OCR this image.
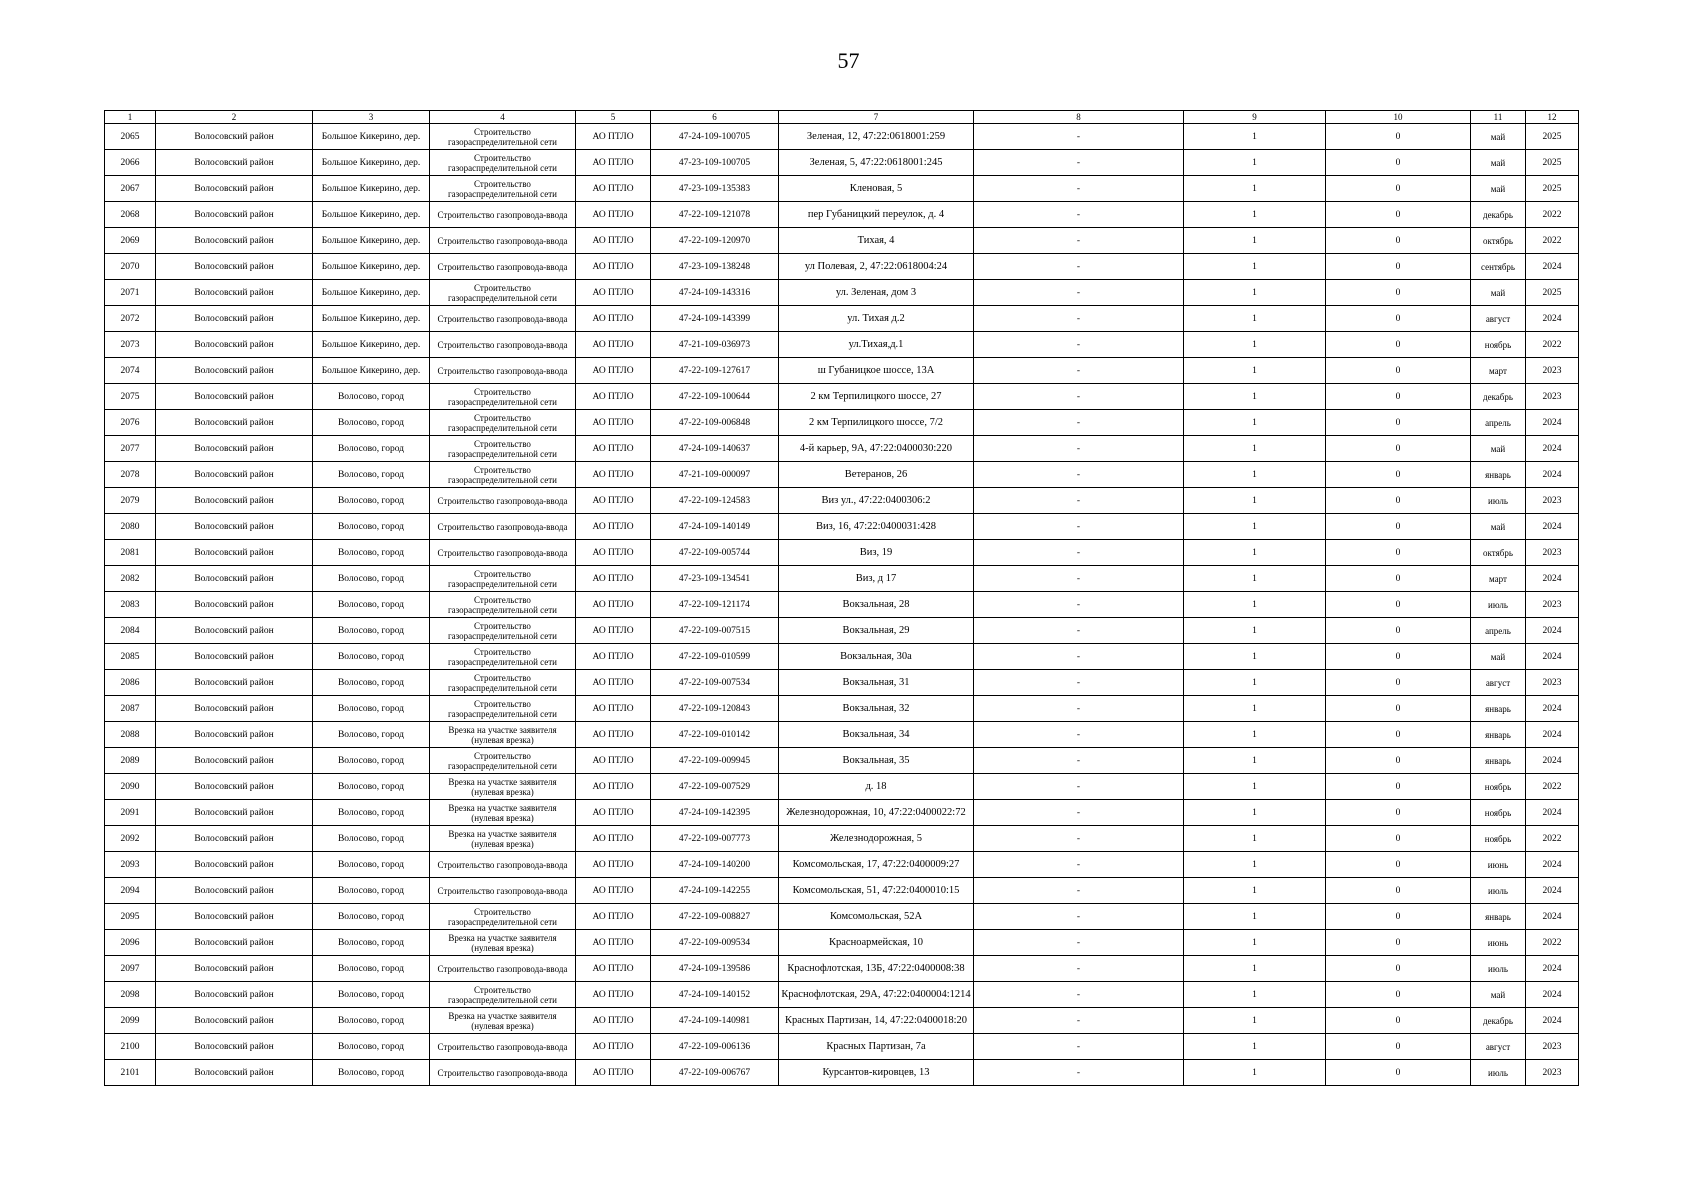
57
1	2	3	4	5	6	7	8	9	10	11	12
2065	Волосовский район	Большое Кикерино, дер.	Строительство газораспределительной сети	АО ПТЛО	47-24-109-100705	Зеленая, 12, 47:22:0618001:259	-	1	0	май	2025
2066	Волосовский район	Большое Кикерино, дер.	Строительство газораспределительной сети	АО ПТЛО	47-23-109-100705	Зеленая, 5, 47:22:0618001:245	-	1	0	май	2025
2067	Волосовский район	Большое Кикерино, дер.	Строительство газораспределительной сети	АО ПТЛО	47-23-109-135383	Кленовая, 5	-	1	0	май	2025
2068	Волосовский район	Большое Кикерино, дер.	Строительство газопровода-ввода	АО ПТЛО	47-22-109-121078	пер Губаницкий переулок, д. 4	-	1	0	декабрь	2022
2069	Волосовский район	Большое Кикерино, дер.	Строительство газопровода-ввода	АО ПТЛО	47-22-109-120970	Тихая, 4	-	1	0	октябрь	2022
2070	Волосовский район	Большое Кикерино, дер.	Строительство газопровода-ввода	АО ПТЛО	47-23-109-138248	ул Полевая, 2, 47:22:0618004:24	-	1	0	сентябрь	2024
2071	Волосовский район	Большое Кикерино, дер.	Строительство газораспределительной сети	АО ПТЛО	47-24-109-143316	ул. Зеленая, дом 3	-	1	0	май	2025
2072	Волосовский район	Большое Кикерино, дер.	Строительство газопровода-ввода	АО ПТЛО	47-24-109-143399	ул. Тихая д.2	-	1	0	август	2024
2073	Волосовский район	Большое Кикерино, дер.	Строительство газопровода-ввода	АО ПТЛО	47-21-109-036973	ул.Тихая,д.1	-	1	0	ноябрь	2022
2074	Волосовский район	Большое Кикерино, дер.	Строительство газопровода-ввода	АО ПТЛО	47-22-109-127617	ш Губаницкое шоссе, 13А	-	1	0	март	2023
2075	Волосовский район	Волосово, город	Строительство газораспределительной сети	АО ПТЛО	47-22-109-100644	2 км Терпилицкого шоссе, 27	-	1	0	декабрь	2023
2076	Волосовский район	Волосово, город	Строительство газораспределительной сети	АО ПТЛО	47-22-109-006848	2 км Терпилицкого шоссе, 7/2	-	1	0	апрель	2024
2077	Волосовский район	Волосово, город	Строительство газораспределительной сети	АО ПТЛО	47-24-109-140637	4-й карьер, 9А, 47:22:0400030:220	-	1	0	май	2024
2078	Волосовский район	Волосово, город	Строительство газораспределительной сети	АО ПТЛО	47-21-109-000097	Ветеранов, 26	-	1	0	январь	2024
2079	Волосовский район	Волосово, город	Строительство газопровода-ввода	АО ПТЛО	47-22-109-124583	Виз ул., 47:22:0400306:2	-	1	0	июль	2023
2080	Волосовский район	Волосово, город	Строительство газопровода-ввода	АО ПТЛО	47-24-109-140149	Виз, 16, 47:22:0400031:428	-	1	0	май	2024
2081	Волосовский район	Волосово, город	Строительство газопровода-ввода	АО ПТЛО	47-22-109-005744	Виз, 19	-	1	0	октябрь	2023
2082	Волосовский район	Волосово, город	Строительство газораспределительной сети	АО ПТЛО	47-23-109-134541	Виз, д 17	-	1	0	март	2024
2083	Волосовский район	Волосово, город	Строительство газораспределительной сети	АО ПТЛО	47-22-109-121174	Вокзальная, 28	-	1	0	июль	2023
2084	Волосовский район	Волосово, город	Строительство газораспределительной сети	АО ПТЛО	47-22-109-007515	Вокзальная, 29	-	1	0	апрель	2024
2085	Волосовский район	Волосово, город	Строительство газораспределительной сети	АО ПТЛО	47-22-109-010599	Вокзальная, 30а	-	1	0	май	2024
2086	Волосовский район	Волосово, город	Строительство газораспределительной сети	АО ПТЛО	47-22-109-007534	Вокзальная, 31	-	1	0	август	2023
2087	Волосовский район	Волосово, город	Строительство газораспределительной сети	АО ПТЛО	47-22-109-120843	Вокзальная, 32	-	1	0	январь	2024
2088	Волосовский район	Волосово, город	Врезка на участке заявителя (нулевая врезка)	АО ПТЛО	47-22-109-010142	Вокзальная, 34	-	1	0	январь	2024
2089	Волосовский район	Волосово, город	Строительство газораспределительной сети	АО ПТЛО	47-22-109-009945	Вокзальная, 35	-	1	0	январь	2024
2090	Волосовский район	Волосово, город	Врезка на участке заявителя (нулевая врезка)	АО ПТЛО	47-22-109-007529	д. 18	-	1	0	ноябрь	2022
2091	Волосовский район	Волосово, город	Врезка на участке заявителя (нулевая врезка)	АО ПТЛО	47-24-109-142395	Железнодорожная, 10, 47:22:0400022:72	-	1	0	ноябрь	2024
2092	Волосовский район	Волосово, город	Врезка на участке заявителя (нулевая врезка)	АО ПТЛО	47-22-109-007773	Железнодорожная, 5	-	1	0	ноябрь	2022
2093	Волосовский район	Волосово, город	Строительство газопровода-ввода	АО ПТЛО	47-24-109-140200	Комсомольская, 17, 47:22:0400009:27	-	1	0	июнь	2024
2094	Волосовский район	Волосово, город	Строительство газопровода-ввода	АО ПТЛО	47-24-109-142255	Комсомольская, 51, 47:22:0400010:15	-	1	0	июль	2024
2095	Волосовский район	Волосово, город	Строительство газораспределительной сети	АО ПТЛО	47-22-109-008827	Комсомольская, 52А	-	1	0	январь	2024
2096	Волосовский район	Волосово, город	Врезка на участке заявителя (нулевая врезка)	АО ПТЛО	47-22-109-009534	Красноармейская, 10	-	1	0	июнь	2022
2097	Волосовский район	Волосово, город	Строительство газопровода-ввода	АО ПТЛО	47-24-109-139586	Краснофлотская, 13Б, 47:22:0400008:38	-	1	0	июль	2024
2098	Волосовский район	Волосово, город	Строительство газораспределительной сети	АО ПТЛО	47-24-109-140152	Краснофлотская, 29А, 47:22:0400004:1214	-	1	0	май	2024
2099	Волосовский район	Волосово, город	Врезка на участке заявителя (нулевая врезка)	АО ПТЛО	47-24-109-140981	Красных Партизан, 14, 47:22:0400018:20	-	1	0	декабрь	2024
2100	Волосовский район	Волосово, город	Строительство газопровода-ввода	АО ПТЛО	47-22-109-006136	Красных Партизан, 7а	-	1	0	август	2023
2101	Волосовский район	Волосово, город	Строительство газопровода-ввода	АО ПТЛО	47-22-109-006767	Курсантов-кировцев, 13	-	1	0	июль	2023
